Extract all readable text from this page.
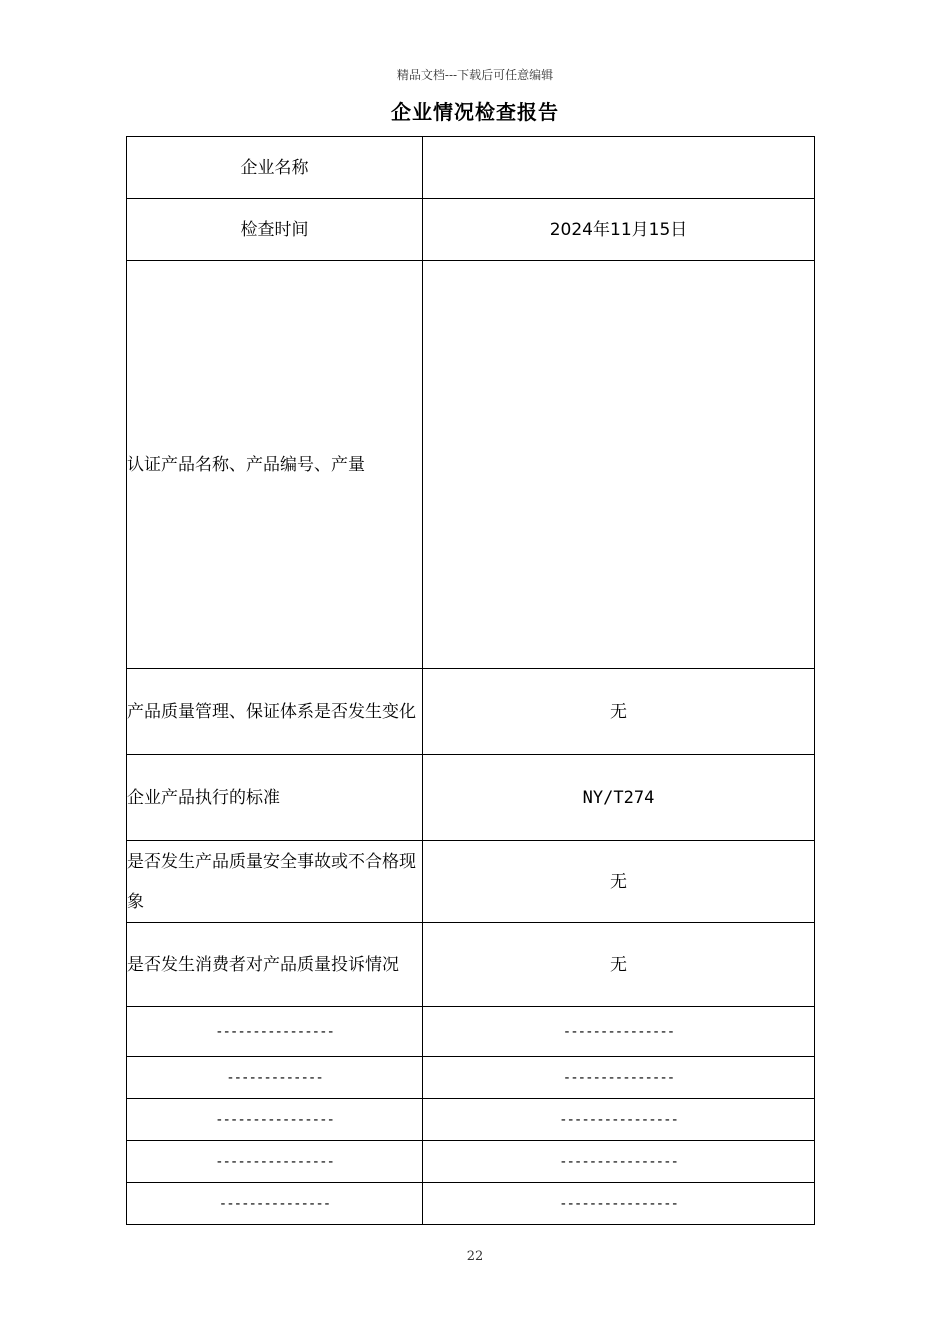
精品文档---下载后可任意编辑
企业情况检查报告
企业名称	
检查时间	2024年11月15日
认证产品名称、产品编号、产量	
产品质量管理、保证体系是否发生变化	无
企业产品执行的标准	NY/T274
是否发生产品质量安全事故或不合格现象	无
是否发生消费者对产品质量投诉情况	无
----------------	---------------
-------------	---------------
----------------	----------------
----------------	----------------
---------------	----------------
22
